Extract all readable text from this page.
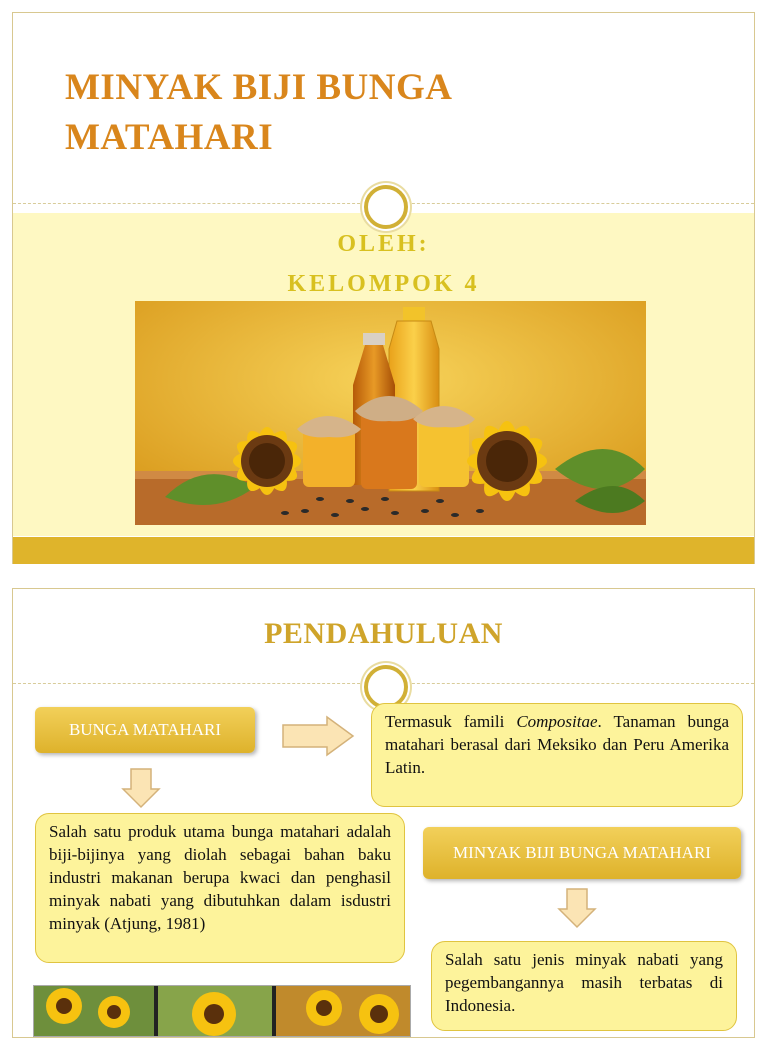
MINYAK BIJI BUNGA MATAHARI
OLEH:
KELOMPOK 4
PENDAHULUAN
BUNGA MATAHARI	Termasuk famili Compositae. Tanaman bunga matahari berasal dari Meksiko dan Peru Amerika Latin.
Salah satu produk utama bunga matahari adalah biji-bijinya yang diolah sebagai bahan baku industri makanan berupa kwaci dan penghasil minyak nabati yang dibutuhkan dalam isdustri minyak (Atjung, 1981)
MINYAK BIJI BUNGA MATAHARI
Salah satu jenis minyak nabati yang pegembangannya masih terbatas di Indonesia.
